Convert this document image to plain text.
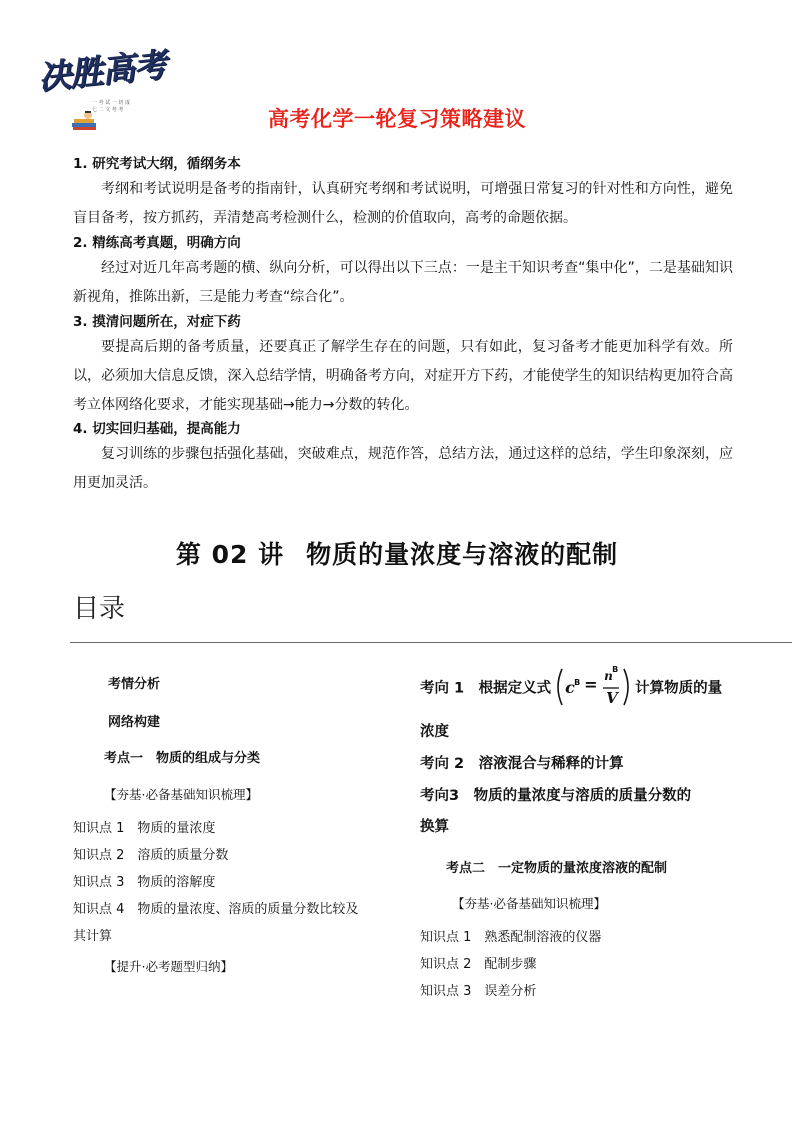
决胜高考
一 考 试 一 切 成
七 二 文 考 考	高考化学一轮复习策略建议

1. 研究考试大纲，循纲务本

考纲和考试说明是备考的指南针，认真研究考纲和考试说明，可增强日常复习的针对性和方向性，避免盲目备考，按方抓药，弄清楚高考检测什么，检测的价值取向，高考的命题依据。

2. 精练高考真题，明确方向

经过对近几年高考题的横、纵向分析，可以得出以下三点：一是主干知识考查“集中化”，二是基础知识新视角，推陈出新，三是能力考查“综合化”。

3. 摸清问题所在，对症下药

要提高后期的备考质量，还要真正了解学生存在的问题，只有如此，复习备考才能更加科学有效。所以，必须加大信息反馈，深入总结学情，明确备考方向，对症开方下药，才能使学生的知识结构更加符合高考立体网络化要求，才能实现基础→能力→分数的转化。

4. 切实回归基础，提高能力

复习训练的步骤包括强化基础，突破难点，规范作答，总结方法，通过这样的总结，学生印象深刻，应用更加灵活。

第 02 讲 物质的量浓度与溶液的配制
目录
考情分析
网络构建
考点一　物质的组成与分类
【夯基·必备基础知识梳理】
知识点 1　物质的量浓度
知识点 2　溶质的质量分数
知识点 3　物质的溶解度
知识点 4　物质的量浓度、溶质的质量分数比较及
其计算
【提升·必考题型归纳】
考向 1　根据定义式 c B = n B
V
计算物质的量
浓度
考向 2　溶液混合与稀释的计算
考向3　物质的量浓度与溶质的质量分数的
换算
考点二　一定物质的量浓度溶液的配制
【夯基·必备基础知识梳理】
知识点 1　熟悉配制溶液的仪器
知识点 2　配制步骤
知识点 3　误差分析
